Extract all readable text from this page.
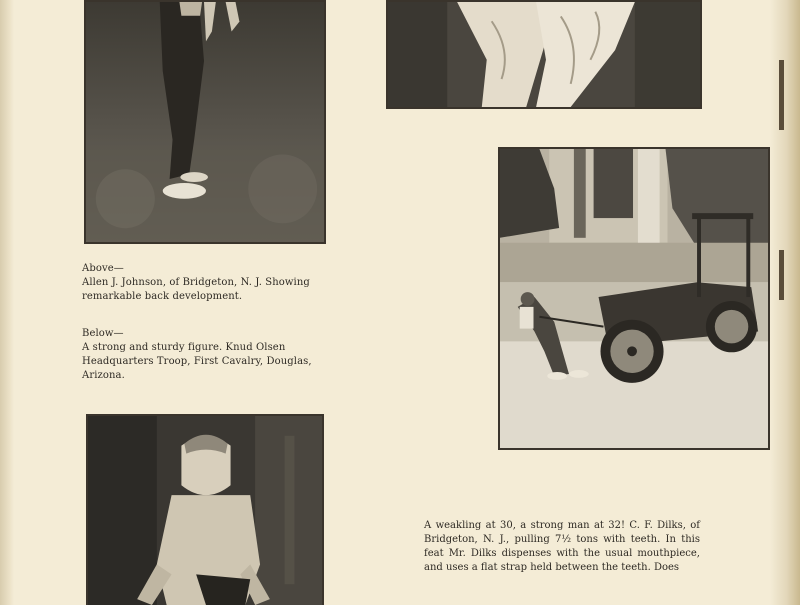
Above—
Allen J. Johnson, of Bridgeton, N. J. Showing remarkable back development.
Below—
A strong and sturdy figure. Knud Olsen Headquarters Troop, First Cavalry, Douglas, Arizona.

A weakling at 30, a strong man at 32! C. F. Dilks, of Bridgeton, N. J., pulling 7½ tons with teeth. In this feat Mr. Dilks dispenses with the usual mouthpiece, and uses a flat strap held between the teeth. Does
